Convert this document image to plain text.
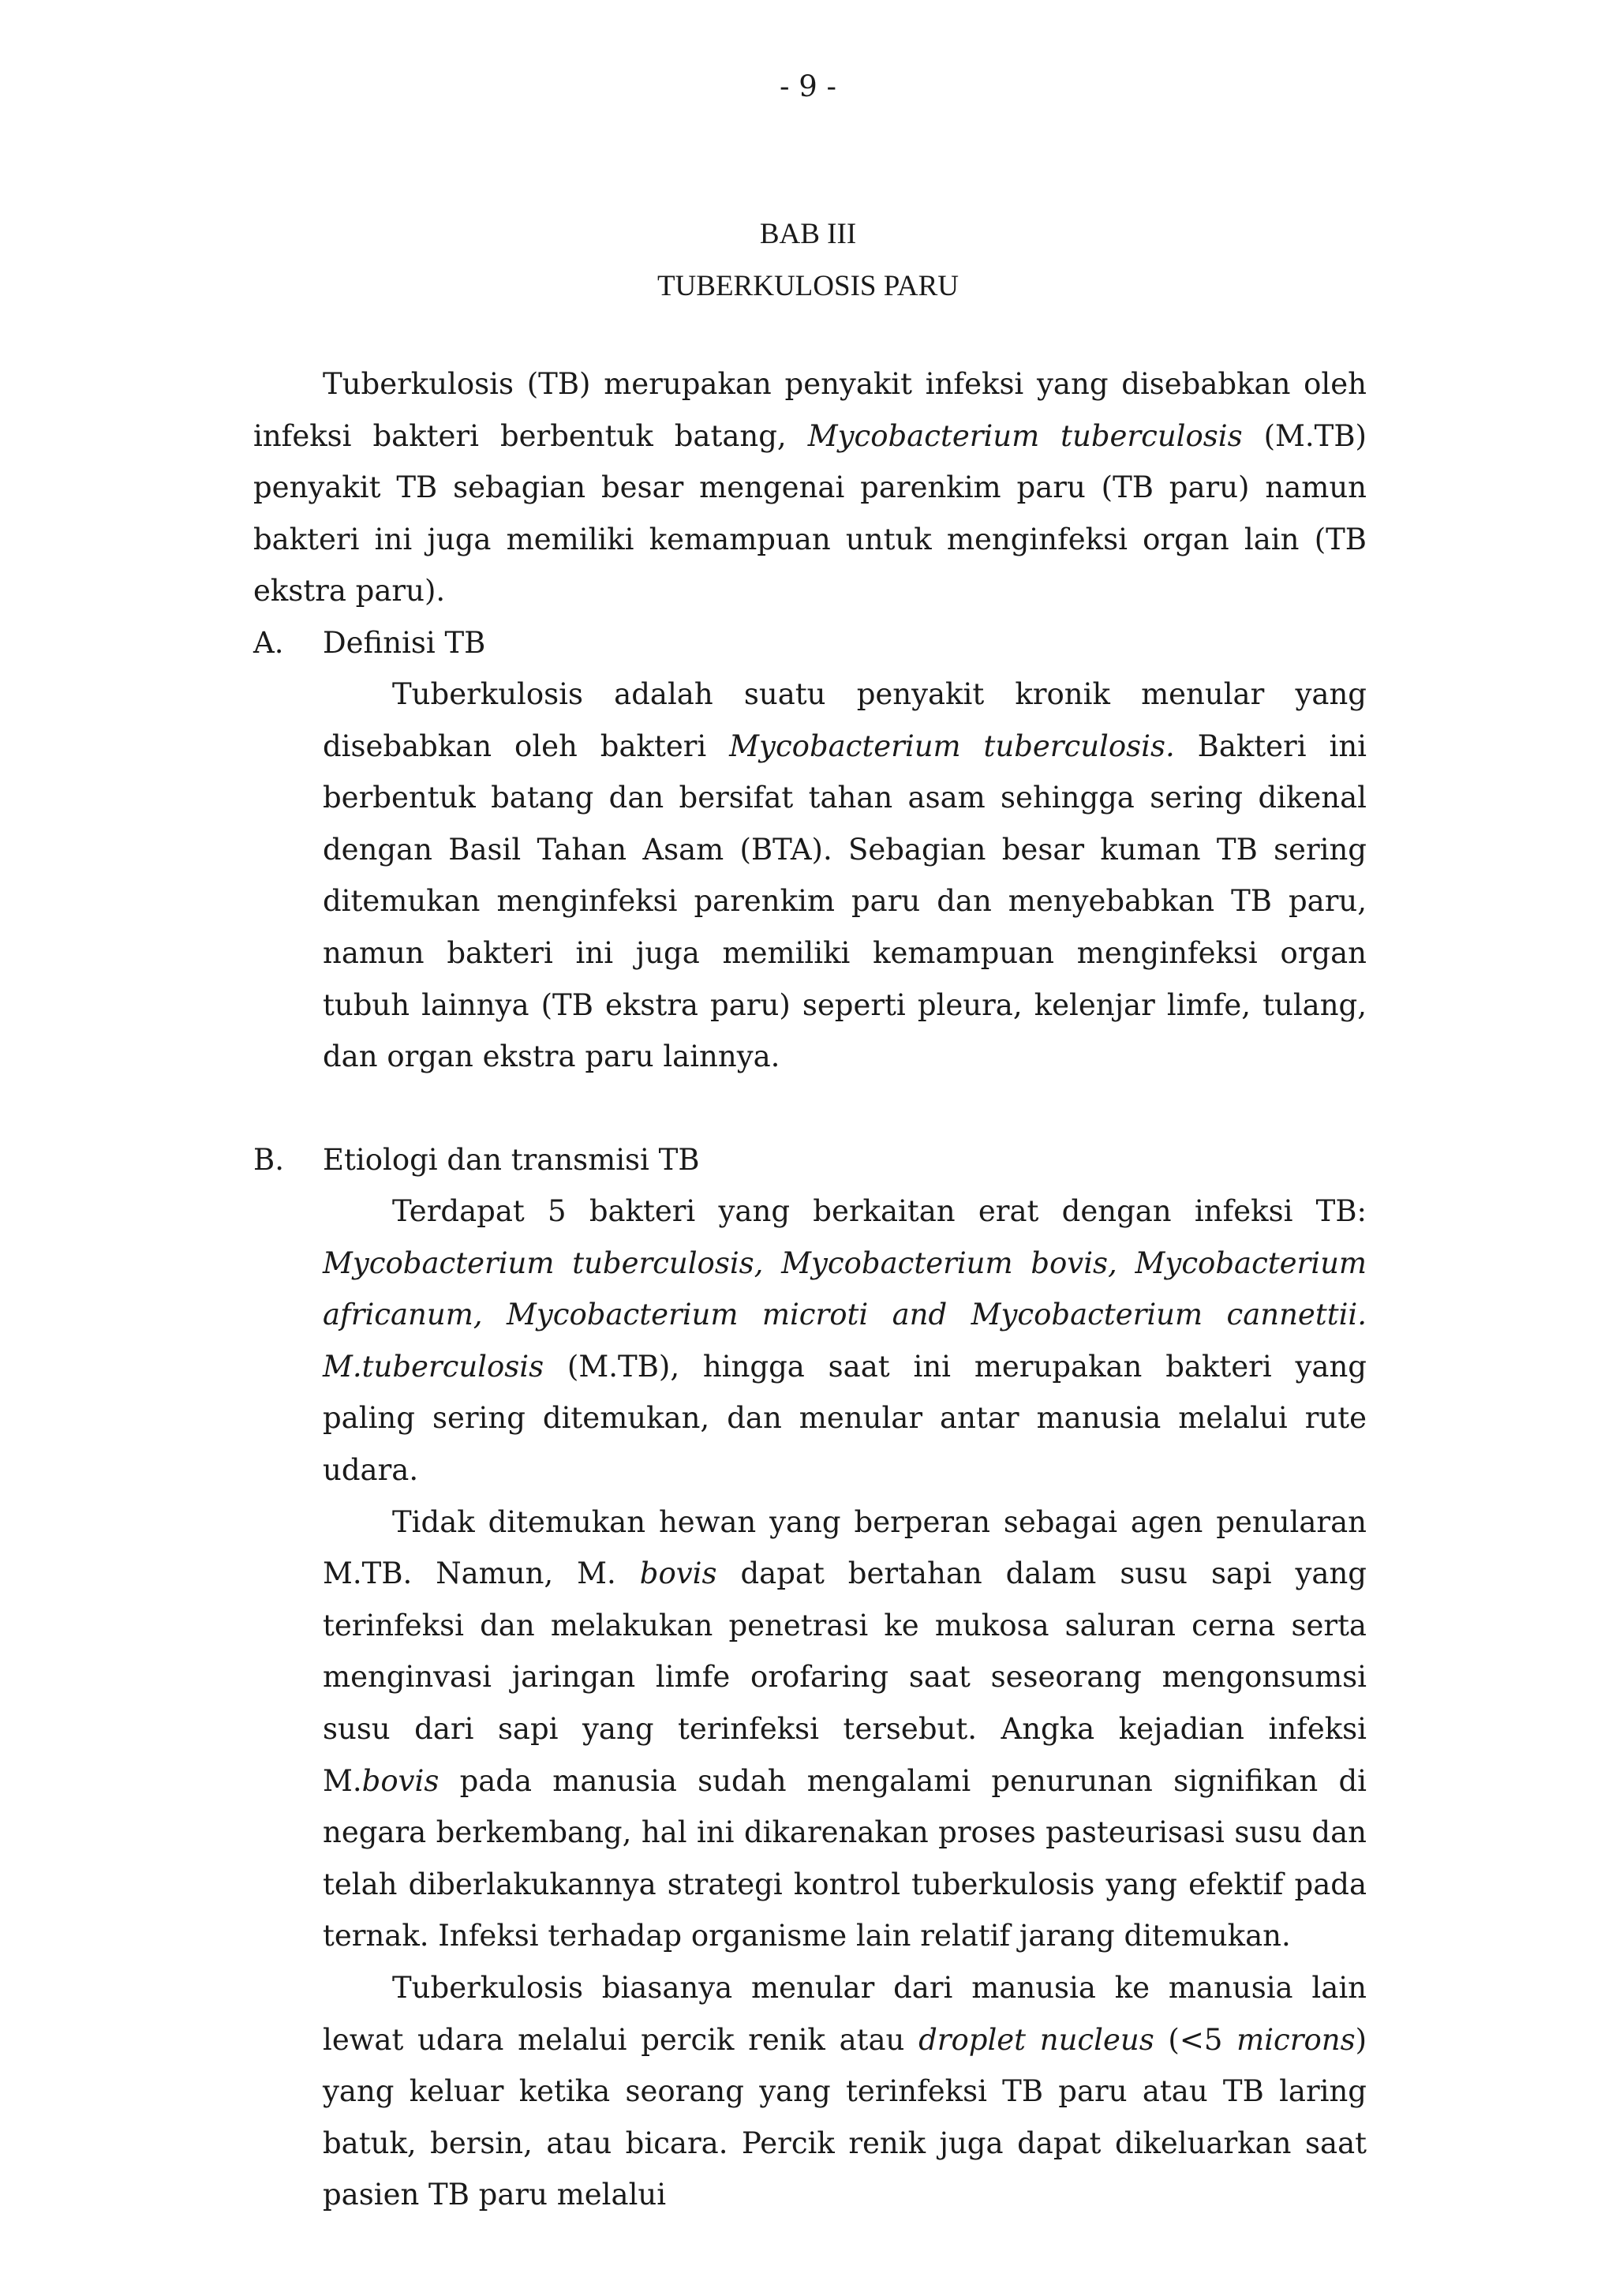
- 9 -
BAB III
TUBERKULOSIS PARU

Tuberkulosis (TB) merupakan penyakit infeksi yang disebabkan oleh infeksi bakteri berbentuk batang, Mycobacterium tuberculosis (M.TB) penyakit TB sebagian besar mengenai parenkim paru (TB paru) namun bakteri ini juga memiliki kemampuan untuk menginfeksi organ lain (TB ekstra paru).

A. Definisi TB

Tuberkulosis adalah suatu penyakit kronik menular yang disebabkan oleh bakteri Mycobacterium tuberculosis. Bakteri ini berbentuk batang dan bersifat tahan asam sehingga sering dikenal dengan Basil Tahan Asam (BTA). Sebagian besar kuman TB sering ditemukan menginfeksi parenkim paru dan menyebabkan TB paru, namun bakteri ini juga memiliki kemampuan menginfeksi organ tubuh lainnya (TB ekstra paru) seperti pleura, kelenjar limfe, tulang, dan organ ekstra paru lainnya.

B. Etiologi dan transmisi TB

Terdapat 5 bakteri yang berkaitan erat dengan infeksi TB: Mycobacterium tuberculosis, Mycobacterium bovis, Mycobacterium africanum, Mycobacterium microti and Mycobacterium cannettii. M.tuberculosis (M.TB), hingga saat ini merupakan bakteri yang paling sering ditemukan, dan menular antar manusia melalui rute udara.

Tidak ditemukan hewan yang berperan sebagai agen penularan M.TB. Namun, M. bovis dapat bertahan dalam susu sapi yang terinfeksi dan melakukan penetrasi ke mukosa saluran cerna serta menginvasi jaringan limfe orofaring saat seseorang mengonsumsi susu dari sapi yang terinfeksi tersebut. Angka kejadian infeksi M.bovis pada manusia sudah mengalami penurunan signifikan di negara berkembang, hal ini dikarenakan proses pasteurisasi susu dan telah diberlakukannya strategi kontrol tuberkulosis yang efektif pada ternak. Infeksi terhadap organisme lain relatif jarang ditemukan.

Tuberkulosis biasanya menular dari manusia ke manusia lain lewat udara melalui percik renik atau droplet nucleus (<5 microns) yang keluar ketika seorang yang terinfeksi TB paru atau TB laring batuk, bersin, atau bicara. Percik renik juga dapat dikeluarkan saat pasien TB paru melalui
